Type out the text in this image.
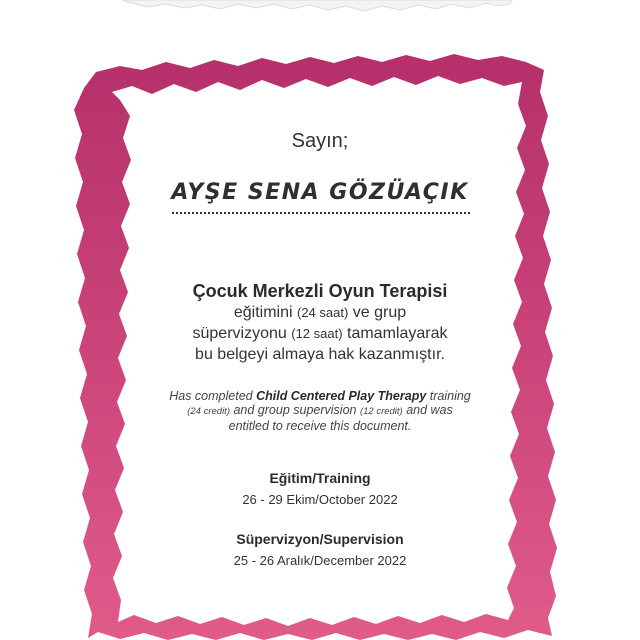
Sayın;
AYŞE SENA GÖZÜAÇIK
Çocuk Merkezli Oyun Terapisi
eğitimini (24 saat) ve grup
süpervizyonu (12 saat) tamamlayarak
bu belgeyi almaya hak kazanmıştır.
Has completed Child Centered Play Therapy training
(24 credit) and group supervision (12 credit) and was
entitled to receive this document.
Eğitim/Training
26 - 29 Ekim/October 2022
Süpervizyon/Supervision
25 - 26 Aralık/December 2022
